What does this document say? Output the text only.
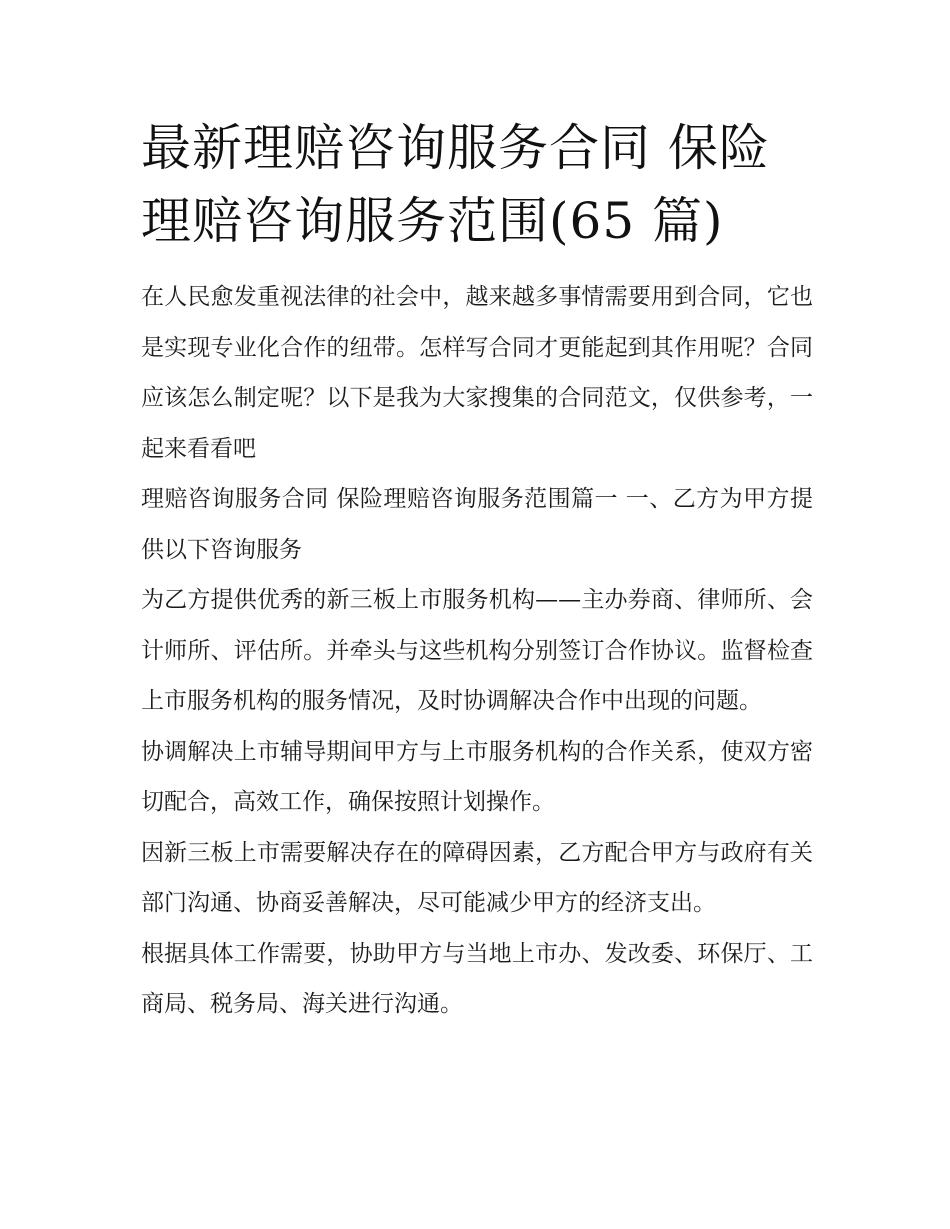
最新理赔咨询服务合同 保险理赔咨询服务范围(65 篇)

在人民愈发重视法律的社会中，越来越多事情需要用到合同，它也是实现专业化合作的纽带。怎样写合同才更能起到其作用呢？合同应该怎么制定呢？以下是我为大家搜集的合同范文，仅供参考，一起来看看吧

理赔咨询服务合同 保险理赔咨询服务范围篇一 一、乙方为甲方提供以下咨询服务

为乙方提供优秀的新三板上市服务机构——主办券商、律师所、会计师所、评估所。并牵头与这些机构分别签订合作协议。监督检查上市服务机构的服务情况，及时协调解决合作中出现的问题。

协调解决上市辅导期间甲方与上市服务机构的合作关系，使双方密切配合，高效工作，确保按照计划操作。

因新三板上市需要解决存在的障碍因素，乙方配合甲方与政府有关部门沟通、协商妥善解决，尽可能减少甲方的经济支出。

根据具体工作需要，协助甲方与当地上市办、发改委、环保厅、工商局、税务局、海关进行沟通。
